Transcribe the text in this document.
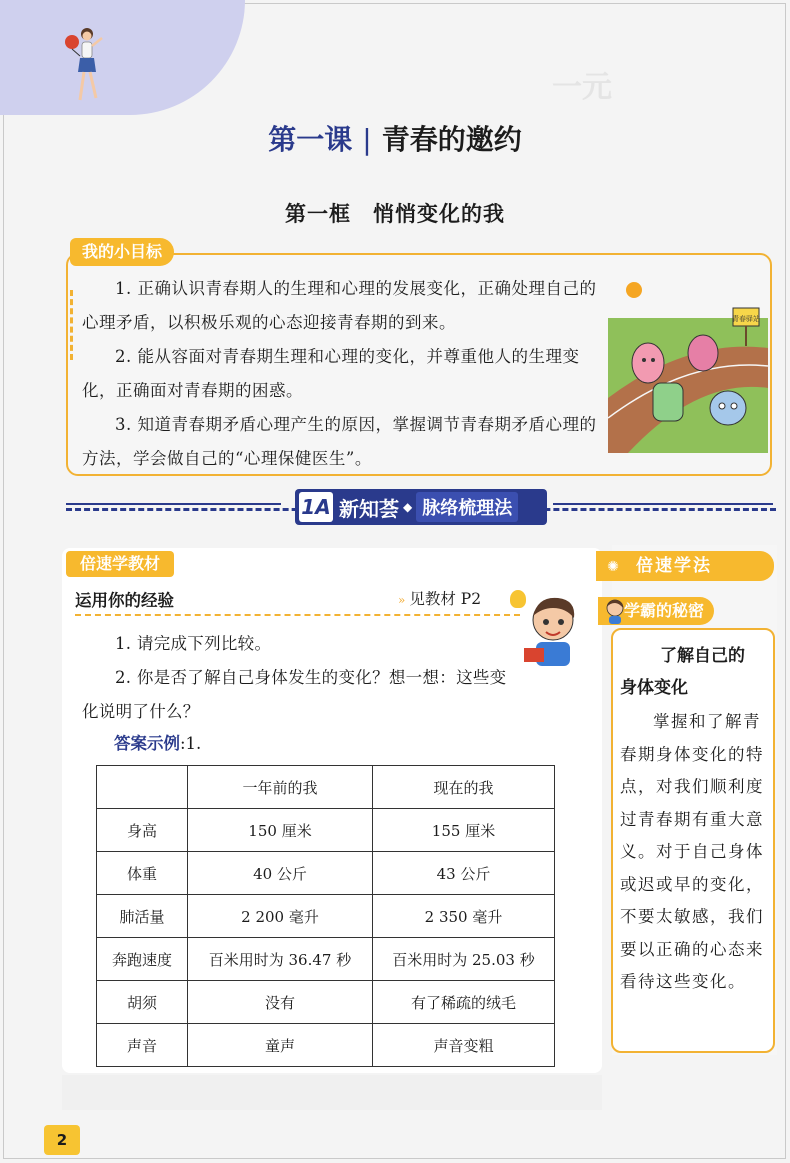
一元
第一课 | 青春的邀约
第一框　悄悄变化的我
我的小目标

1. 正确认识青春期人的生理和心理的发展变化，正确处理自己的心理矛盾，以积极乐观的心态迎接青春期的到来。

2. 能从容面对青春期生理和心理的变化，并尊重他人的生理变化，正确面对青春期的困惑。

3. 知道青春期矛盾心理产生的原因，掌握调节青春期矛盾心理的方法，学会做自己的“心理保健医生”。

青春驿站
1A 新知荟 ◆ 脉络梳理法
倍速学教材
运用你的经验	» 见教材 P2

1. 请完成下列比较。

2. 你是否了解自己身体发生的变化？想一想：这些变化说明了什么？

答案示例:1.
	一年前的我	现在的我
身高	150 厘米	155 厘米
体重	40 公斤	43 公斤
肺活量	2 200 毫升	2 350 毫升
奔跑速度	百米用时为 36.47 秒	百米用时为 25.03 秒
胡须	没有	有了稀疏的绒毛
声音	童声	声音变粗
✺ 倍速学法
学霸的秘密
了解自己的
身体变化
掌握和了解青春期身体变化的特点，对我们顺利度过青春期有重大意义。对于自己身体或迟或早的变化，不要太敏感，我们要以正确的心态来看待这些变化。
2
